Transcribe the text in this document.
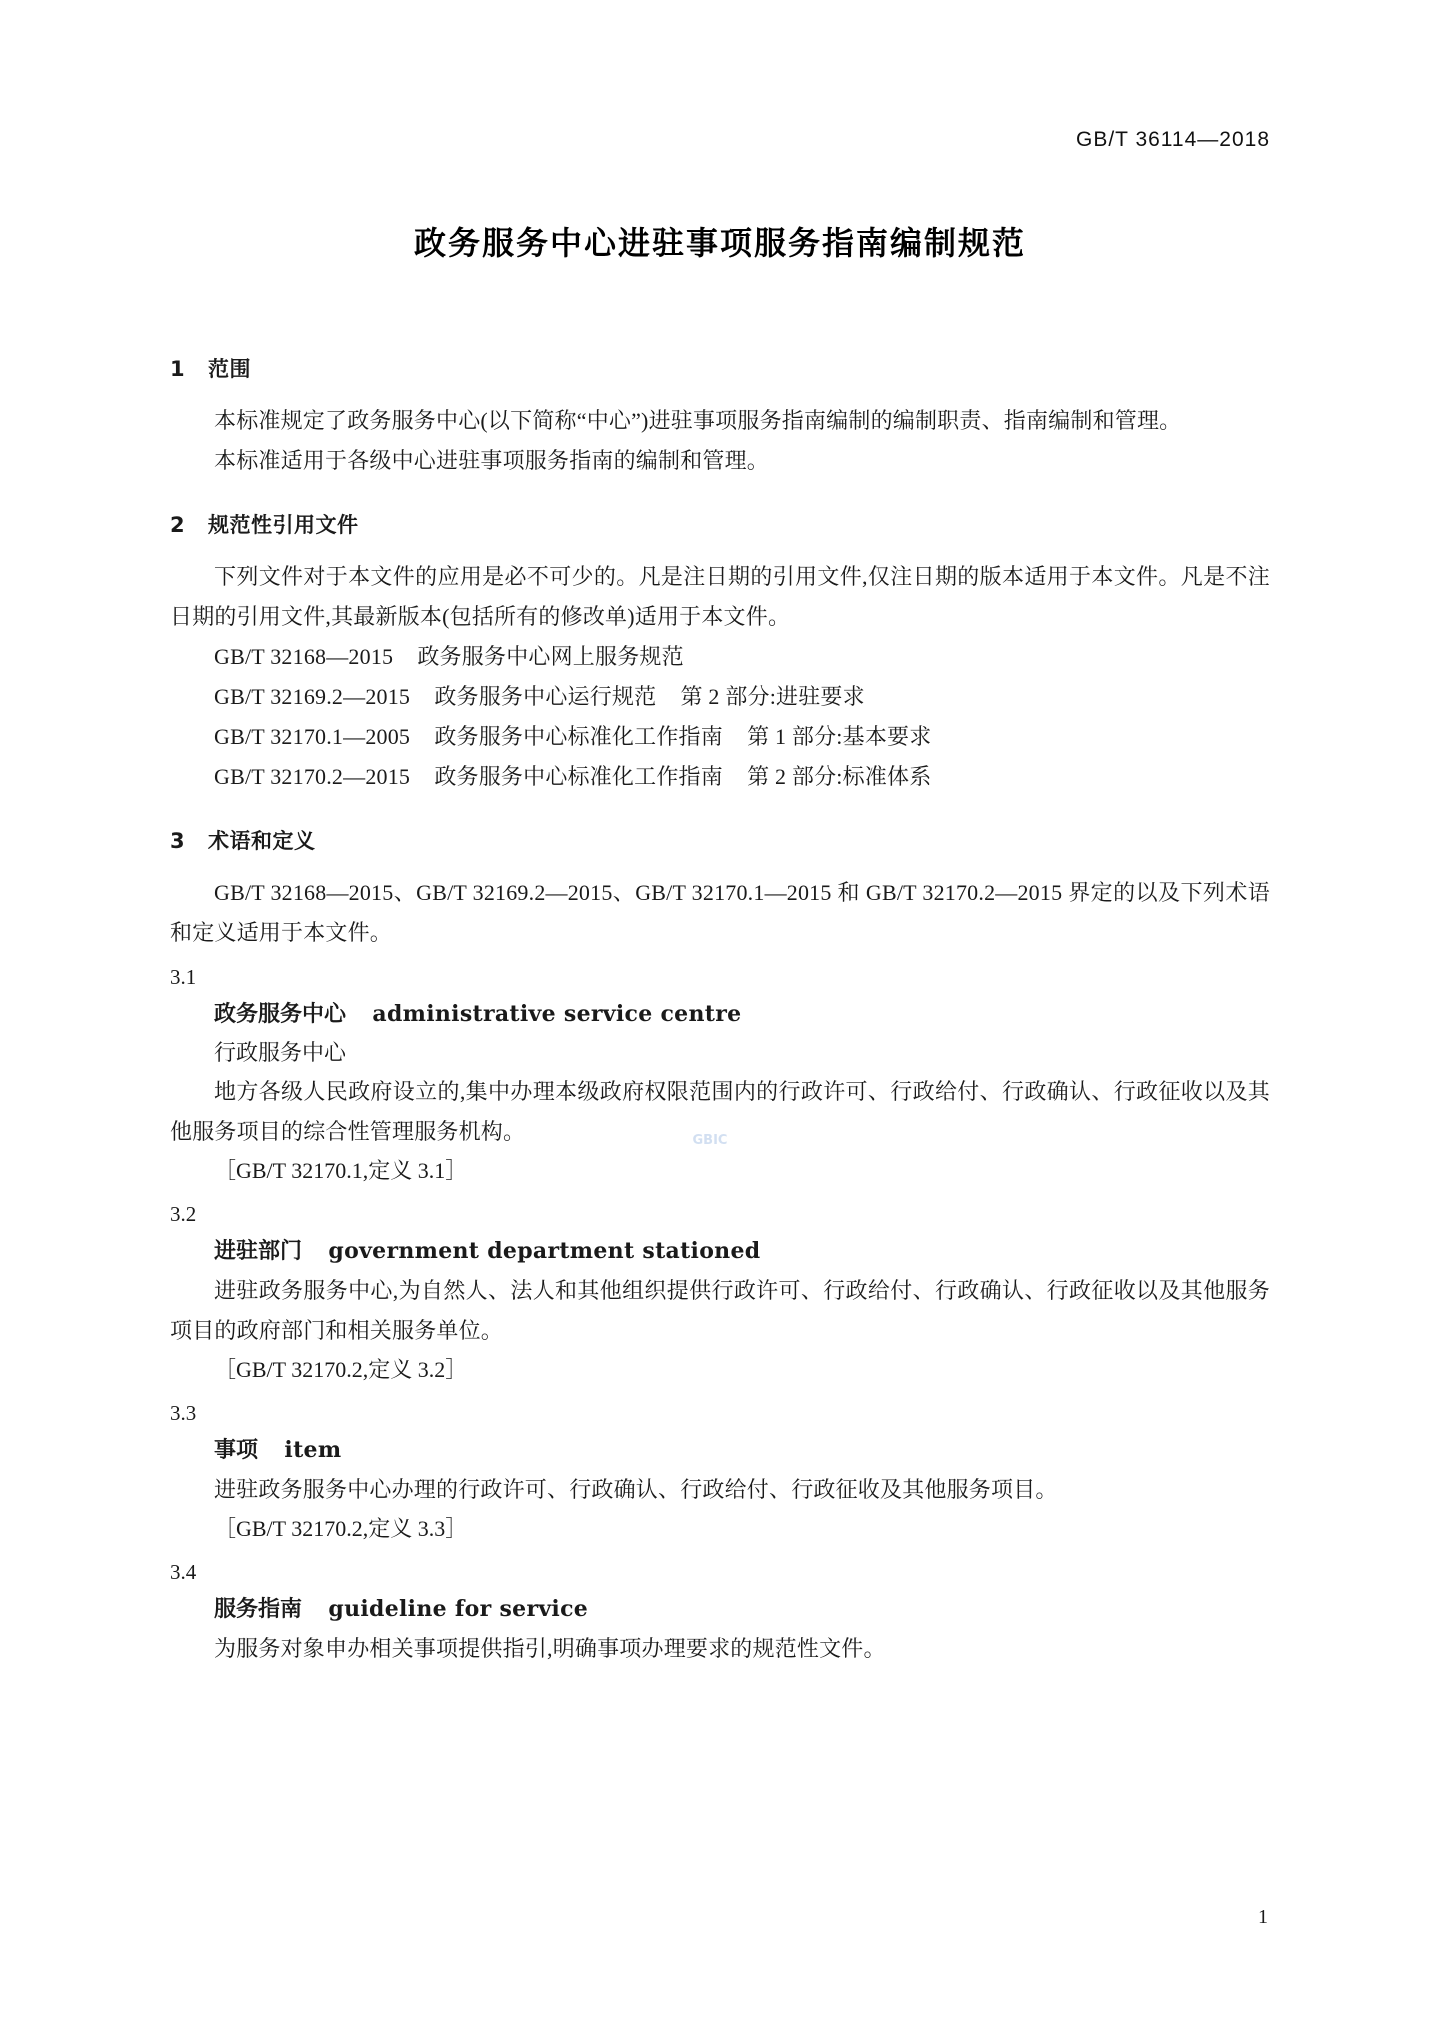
GB/T 36114—2018
政务服务中心进驻事项服务指南编制规范
1 范围

本标准规定了政务服务中心(以下简称“中心”)进驻事项服务指南编制的编制职责、指南编制和管理。

本标准适用于各级中心进驻事项服务指南的编制和管理。

2 规范性引用文件

下列文件对于本文件的应用是必不可少的。凡是注日期的引用文件,仅注日期的版本适用于本文件。凡是不注日期的引用文件,其最新版本(包括所有的修改单)适用于本文件。

GB/T 32168—2015 政务服务中心网上服务规范
GB/T 32169.2—2015 政务服务中心运行规范 第 2 部分:进驻要求
GB/T 32170.1—2005 政务服务中心标准化工作指南 第 1 部分:基本要求
GB/T 32170.2—2015 政务服务中心标准化工作指南 第 2 部分:标准体系
3 术语和定义

GB/T 32168—2015、GB/T 32169.2—2015、GB/T 32170.1—2015 和 GB/T 32170.2—2015 界定的以及下列术语和定义适用于本文件。

3.1
政务服务中心 administrative service centre
行政服务中心
地方各级人民政府设立的,集中办理本级政府权限范围内的行政许可、行政给付、行政确认、行政征收以及其他服务项目的综合性管理服务机构。
［GB/T 32170.1,定义 3.1］
3.2
进驻部门 government department stationed
进驻政务服务中心,为自然人、法人和其他组织提供行政许可、行政给付、行政确认、行政征收以及其他服务项目的政府部门和相关服务单位。
［GB/T 32170.2,定义 3.2］
3.3
事项 item
进驻政务服务中心办理的行政许可、行政确认、行政给付、行政征收及其他服务项目。
［GB/T 32170.2,定义 3.3］
3.4
服务指南 guideline for service
为服务对象申办相关事项提供指引,明确事项办理要求的规范性文件。
GBIC
1
